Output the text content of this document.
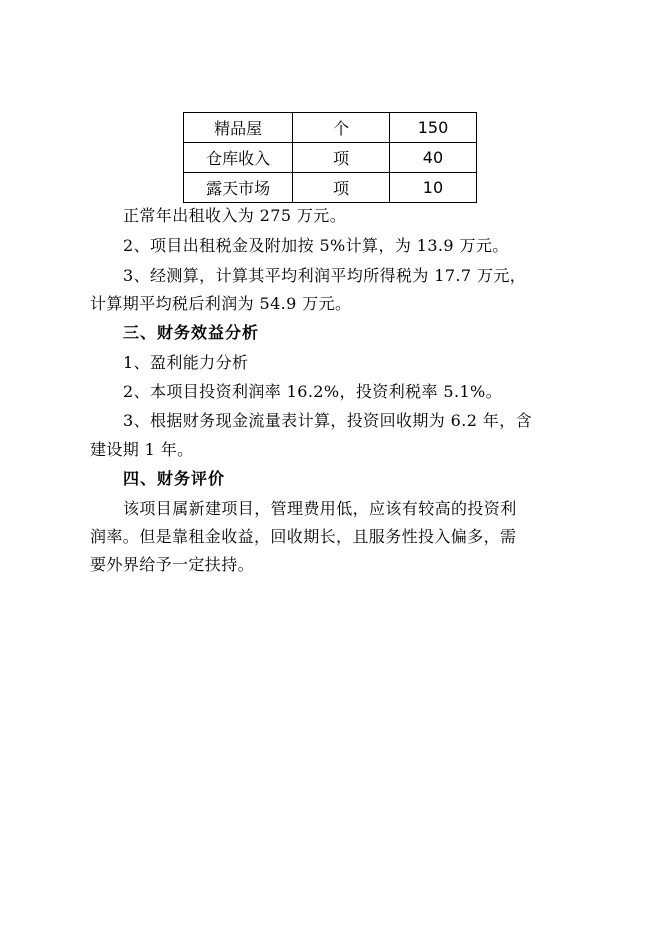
精品屋	个	150
仓库收入	项	40
露天市场	项	10
正常年出租收入为 275 万元。
2、项目出租税金及附加按 5%计算，为 13.9 万元。
3、经测算，计算其平均利润平均所得税为 17.7 万元，
计算期平均税后利润为 54.9 万元。
三、财务效益分析
1、盈利能力分析
2、本项目投资利润率 16.2%，投资利税率 5.1%。
3、根据财务现金流量表计算，投资回收期为 6.2 年，含
建设期 1 年。
四、财务评价
该项目属新建项目，管理费用低，应该有较高的投资利
润率。但是靠租金收益，回收期长，且服务性投入偏多，需
要外界给予一定扶持。
